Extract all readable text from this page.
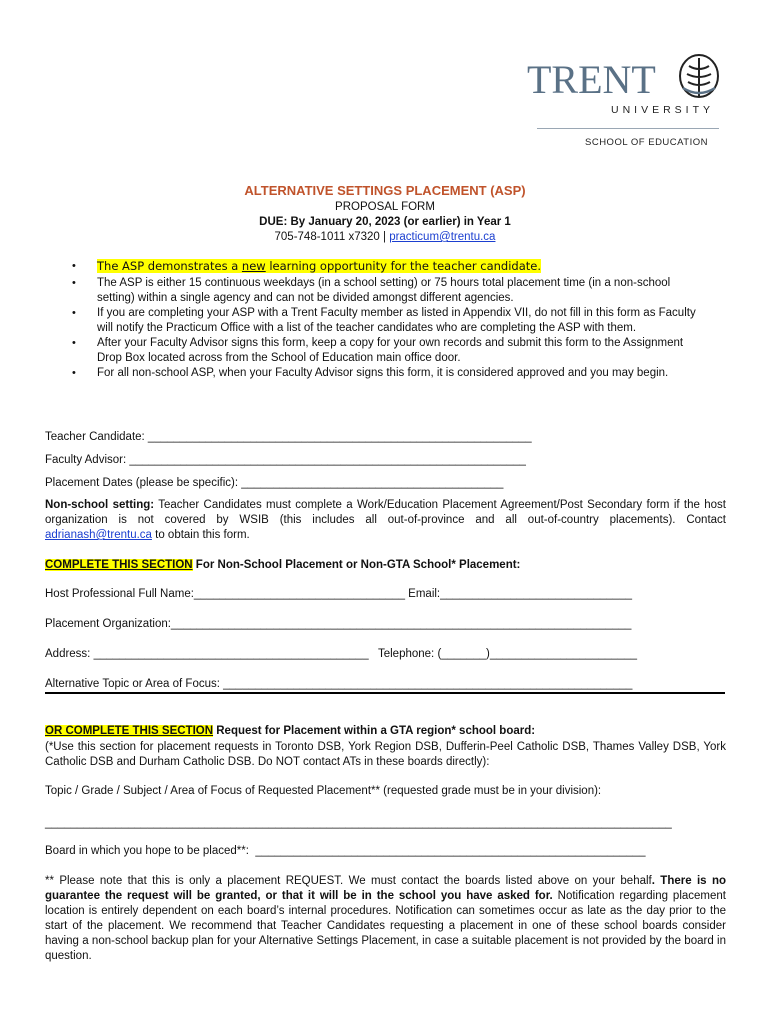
TRENT
UNIVERSITY
SCHOOL OF EDUCATION
ALTERNATIVE SETTINGS PLACEMENT (ASP)
PROPOSAL FORM
DUE: By January 20, 2023 (or earlier) in Year 1
705-748-1011 x7320 | practicum@trentu.ca
• The ASP demonstrates a new learning opportunity for the teacher candidate.
• The ASP is either 15 continuous weekdays (in a school setting) or 75 hours total placement time (in a non-school setting) within a single agency and can not be divided amongst different agencies.
• If you are completing your ASP with a Trent Faculty member as listed in Appendix VII, do not fill in this form as Faculty will notify the Practicum Office with a list of the teacher candidates who are completing the ASP with them.
• After your Faculty Advisor signs this form, keep a copy for your own records and submit this form to the Assignment Drop Box located across from the School of Education main office door.
• For all non-school ASP, when your Faculty Advisor signs this form, it is considered approved and you may begin.
Teacher Candidate: ____________________________________________________________
Faculty Advisor: ______________________________________________________________
Placement Dates (please be specific): _________________________________________
Non-school setting: Teacher Candidates must complete a Work/Education Placement Agreement/Post Secondary form if the host organization is not covered by WSIB (this includes all out-of-province and all out-of-country placements). Contact adrianash@trentu.ca to obtain this form.
COMPLETE THIS SECTION For Non-School Placement or Non-GTA School* Placement:
Host Professional Full Name:_________________________________ Email:______________________________
Placement Organization:________________________________________________________________________
Address: ___________________________________________   Telephone: (_______)_______________________
Alternative Topic or Area of Focus: ________________________________________________________________
OR COMPLETE THIS SECTION Request for Placement within a GTA region* school board:
(*Use this section for placement requests in Toronto DSB, York Region DSB, Dufferin-Peel Catholic DSB, Thames Valley DSB, York Catholic DSB and Durham Catholic DSB. Do NOT contact ATs in these boards directly):
Topic / Grade / Subject / Area of Focus of Requested Placement** (requested grade must be in your division):
__________________________________________________________________________________________________
Board in which you hope to be placed**:  _____________________________________________________________
** Please note that this is only a placement REQUEST. We must contact the boards listed above on your behalf. There is no guarantee the request will be granted, or that it will be in the school you have asked for. Notification regarding placement location is entirely dependent on each board’s internal procedures. Notification can sometimes occur as late as the day prior to the start of the placement. We recommend that Teacher Candidates requesting a placement in one of these school boards consider having a non-school backup plan for your Alternative Settings Placement, in case a suitable placement is not provided by the board in question.
